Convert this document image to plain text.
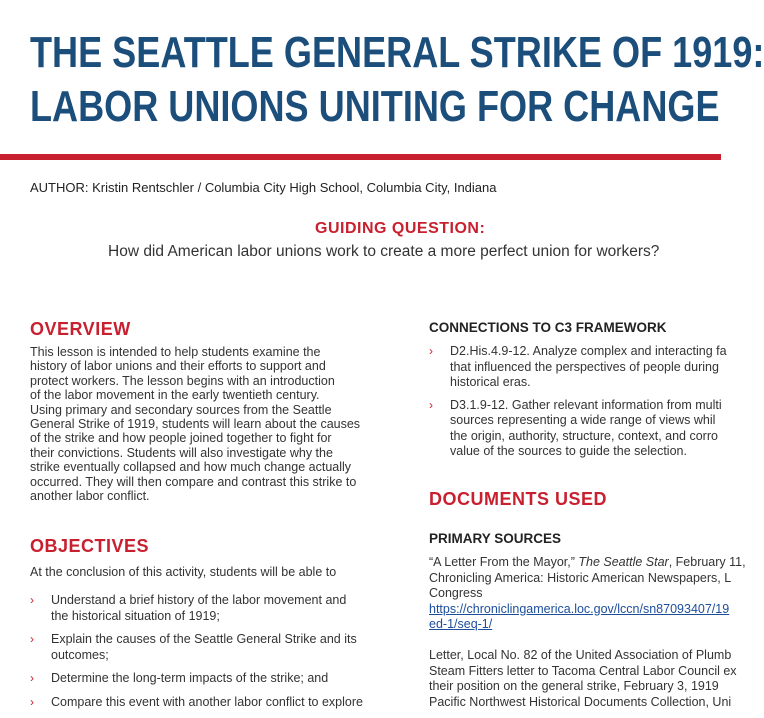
THE SEATTLE GENERAL STRIKE OF 1919:
LABOR UNIONS UNITING FOR CHANGE
AUTHOR: Kristin Rentschler / Columbia City High School, Columbia City, Indiana
GUIDING QUESTION:
How did American labor unions work to create a more perfect union for workers?
OVERVIEW
This lesson is intended to help students examine the
history of labor unions and their efforts to support and
protect workers. The lesson begins with an introduction
of the labor movement in the early twentieth century.
Using primary and secondary sources from the Seattle
General Strike of 1919, students will learn about the causes
of the strike and how people joined together to fight for
their convictions. Students will also investigate why the
strike eventually collapsed and how much change actually
occurred. They will then compare and contrast this strike to
another labor conflict.
OBJECTIVES
At the conclusion of this activity, students will be able to
› Understand a brief history of the labor movement and
the historical situation of 1919;
› Explain the causes of the Seattle General Strike and its
outcomes;
› Determine the long-term impacts of the strike; and
› Compare this event with another labor conflict to explore
CONNECTIONS TO C3 FRAMEWORK
› D2.His.4.9-12. Analyze complex and interacting fa
that influenced the perspectives of people during
historical eras.
› D3.1.9-12. Gather relevant information from multi
sources representing a wide range of views whil
the origin, authority, structure, context, and corro
value of the sources to guide the selection.
DOCUMENTS USED
PRIMARY SOURCES
“A Letter From the Mayor,” The Seattle Star, February 11,
Chronicling America: Historic American Newspapers, L
Congress
https://chroniclingamerica.loc.gov/lccn/sn87093407/19
ed-1/seq-1/
Letter, Local No. 82 of the United Association of Plumb
Steam Fitters letter to Tacoma Central Labor Council ex
their position on the general strike, February 3, 1919
Pacific Northwest Historical Documents Collection, Uni
